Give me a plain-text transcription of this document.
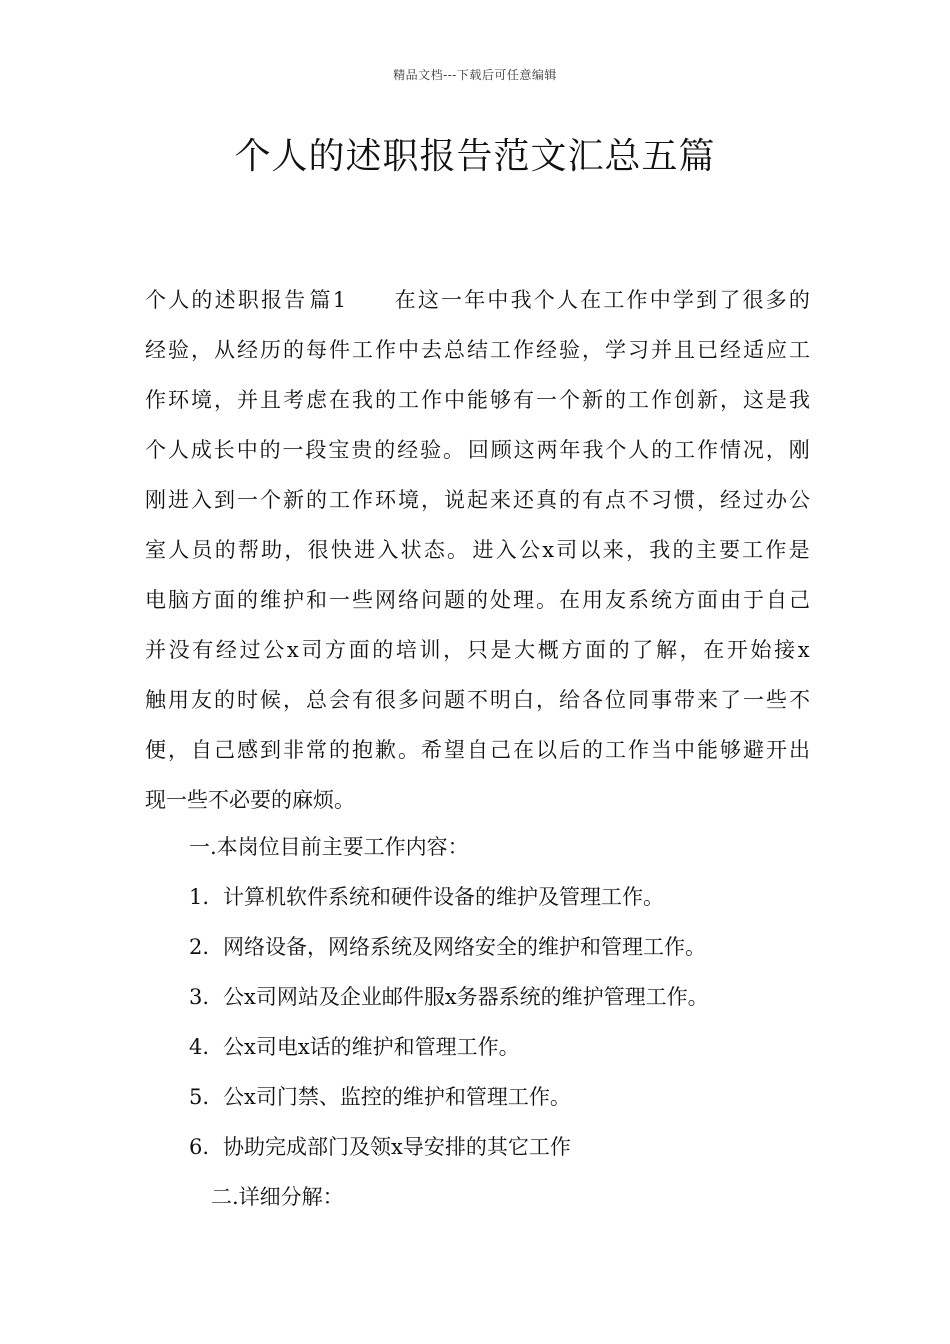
精品文档---下载后可任意编辑
个人的述职报告范文汇总五篇
个 人 的 述 职 报 告 篇 1

　 在 这 一 年 中 我 个 人 在 工 作 中 学 到 了 很 多 的
经 验 ， 从 经 历 的 每 件 工 作 中 去 总 结 工 作 经 验 ， 学 习 并 且 已 经 适 应 工
作 环 境 ， 并 且 考 虑 在 我 的 工 作 中 能 够 有 一 个 新 的 工 作 创 新 ， 这 是 我
个 人 成 长 中 的 一 段 宝 贵 的 经 验 。 回 顾 这 两 年 我 个 人 的 工 作 情 况 ， 刚
刚 进 入 到 一 个 新 的 工 作 环 境 ， 说 起 来 还 真 的 有 点 不 习 惯 ， 经 过 办 公
室 人 员 的 帮 助 ， 很 快 进 入 状 态 。 进 入 公 x 司 以 来 ， 我 的 主 要 工 作 是
电 脑 方 面 的 维 护 和 一 些 网 络 问 题 的 处 理 。 在 用 友 系 统 方 面 由 于 自 己
并 没 有 经 过 公 x 司 方 面 的 培 训 ， 只 是 大 概 方 面 的 了 解 ， 在 开 始 接 x
触 用 友 的 时 候 ， 总 会 有 很 多 问 题 不 明 白 ， 给 各 位 同 事 带 来 了 一 些 不
便 ， 自 己 感 到 非 常 的 抱 歉 。 希 望 自 己 在 以 后 的 工 作 当 中 能 够 避 开 出
现一些不必要的麻烦。
一.本岗位目前主要工作内容：
1. 计算机软件系统和硬件设备的维护及管理工作。
2. 网络设备，网络系统及网络安全的维护和管理工作。
3. 公x司网站及企业邮件服x务器系统的维护管理工作。
4. 公x司电x话的维护和管理工作。
5. 公x司门禁、监控的维护和管理工作。
6. 协助完成部门及领x导安排的其它工作
二.详细分解：
